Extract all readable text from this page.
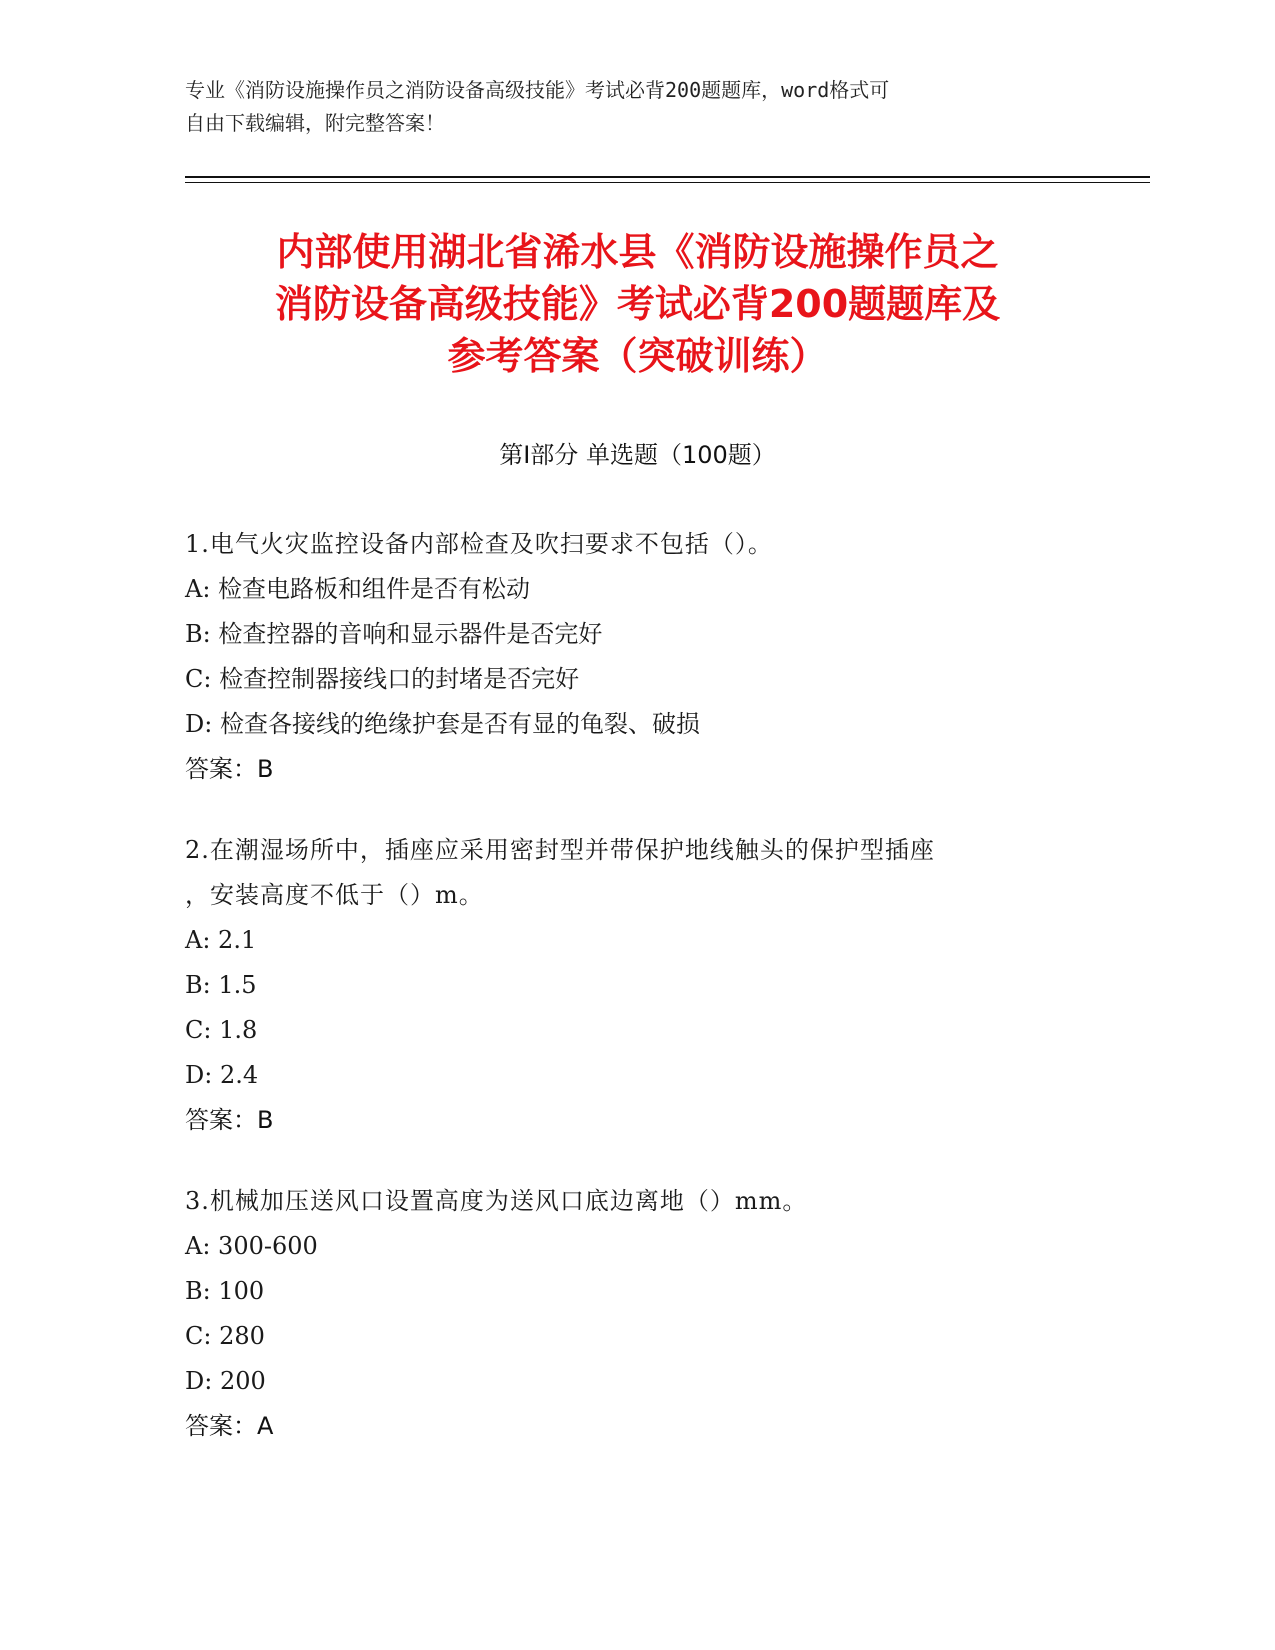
专业《消防设施操作员之消防设备高级技能》考试必背200题题库，word格式可
自由下载编辑，附完整答案！
内部使用湖北省浠水县《消防设施操作员之
消防设备高级技能》考试必背200题题库及
参考答案（突破训练）
第Ⅰ部分 单选题（100题）
1.电气火灾监控设备内部检查及吹扫要求不包括（）。
A: 检查电路板和组件是否有松动
B: 检查控器的音响和显示器件是否完好
C: 检查控制器接线口的封堵是否完好
D: 检查各接线的绝缘护套是否有显的龟裂、破损
答案：B
2.在潮湿场所中，插座应采用密封型并带保护地线触头的保护型插座
，安装高度不低于（）m。
A: 2.1
B: 1.5
C: 1.8
D: 2.4
答案：B
3.机械加压送风口设置高度为送风口底边离地（）mm。
A: 300-600
B: 100
C: 280
D: 200
答案：A
